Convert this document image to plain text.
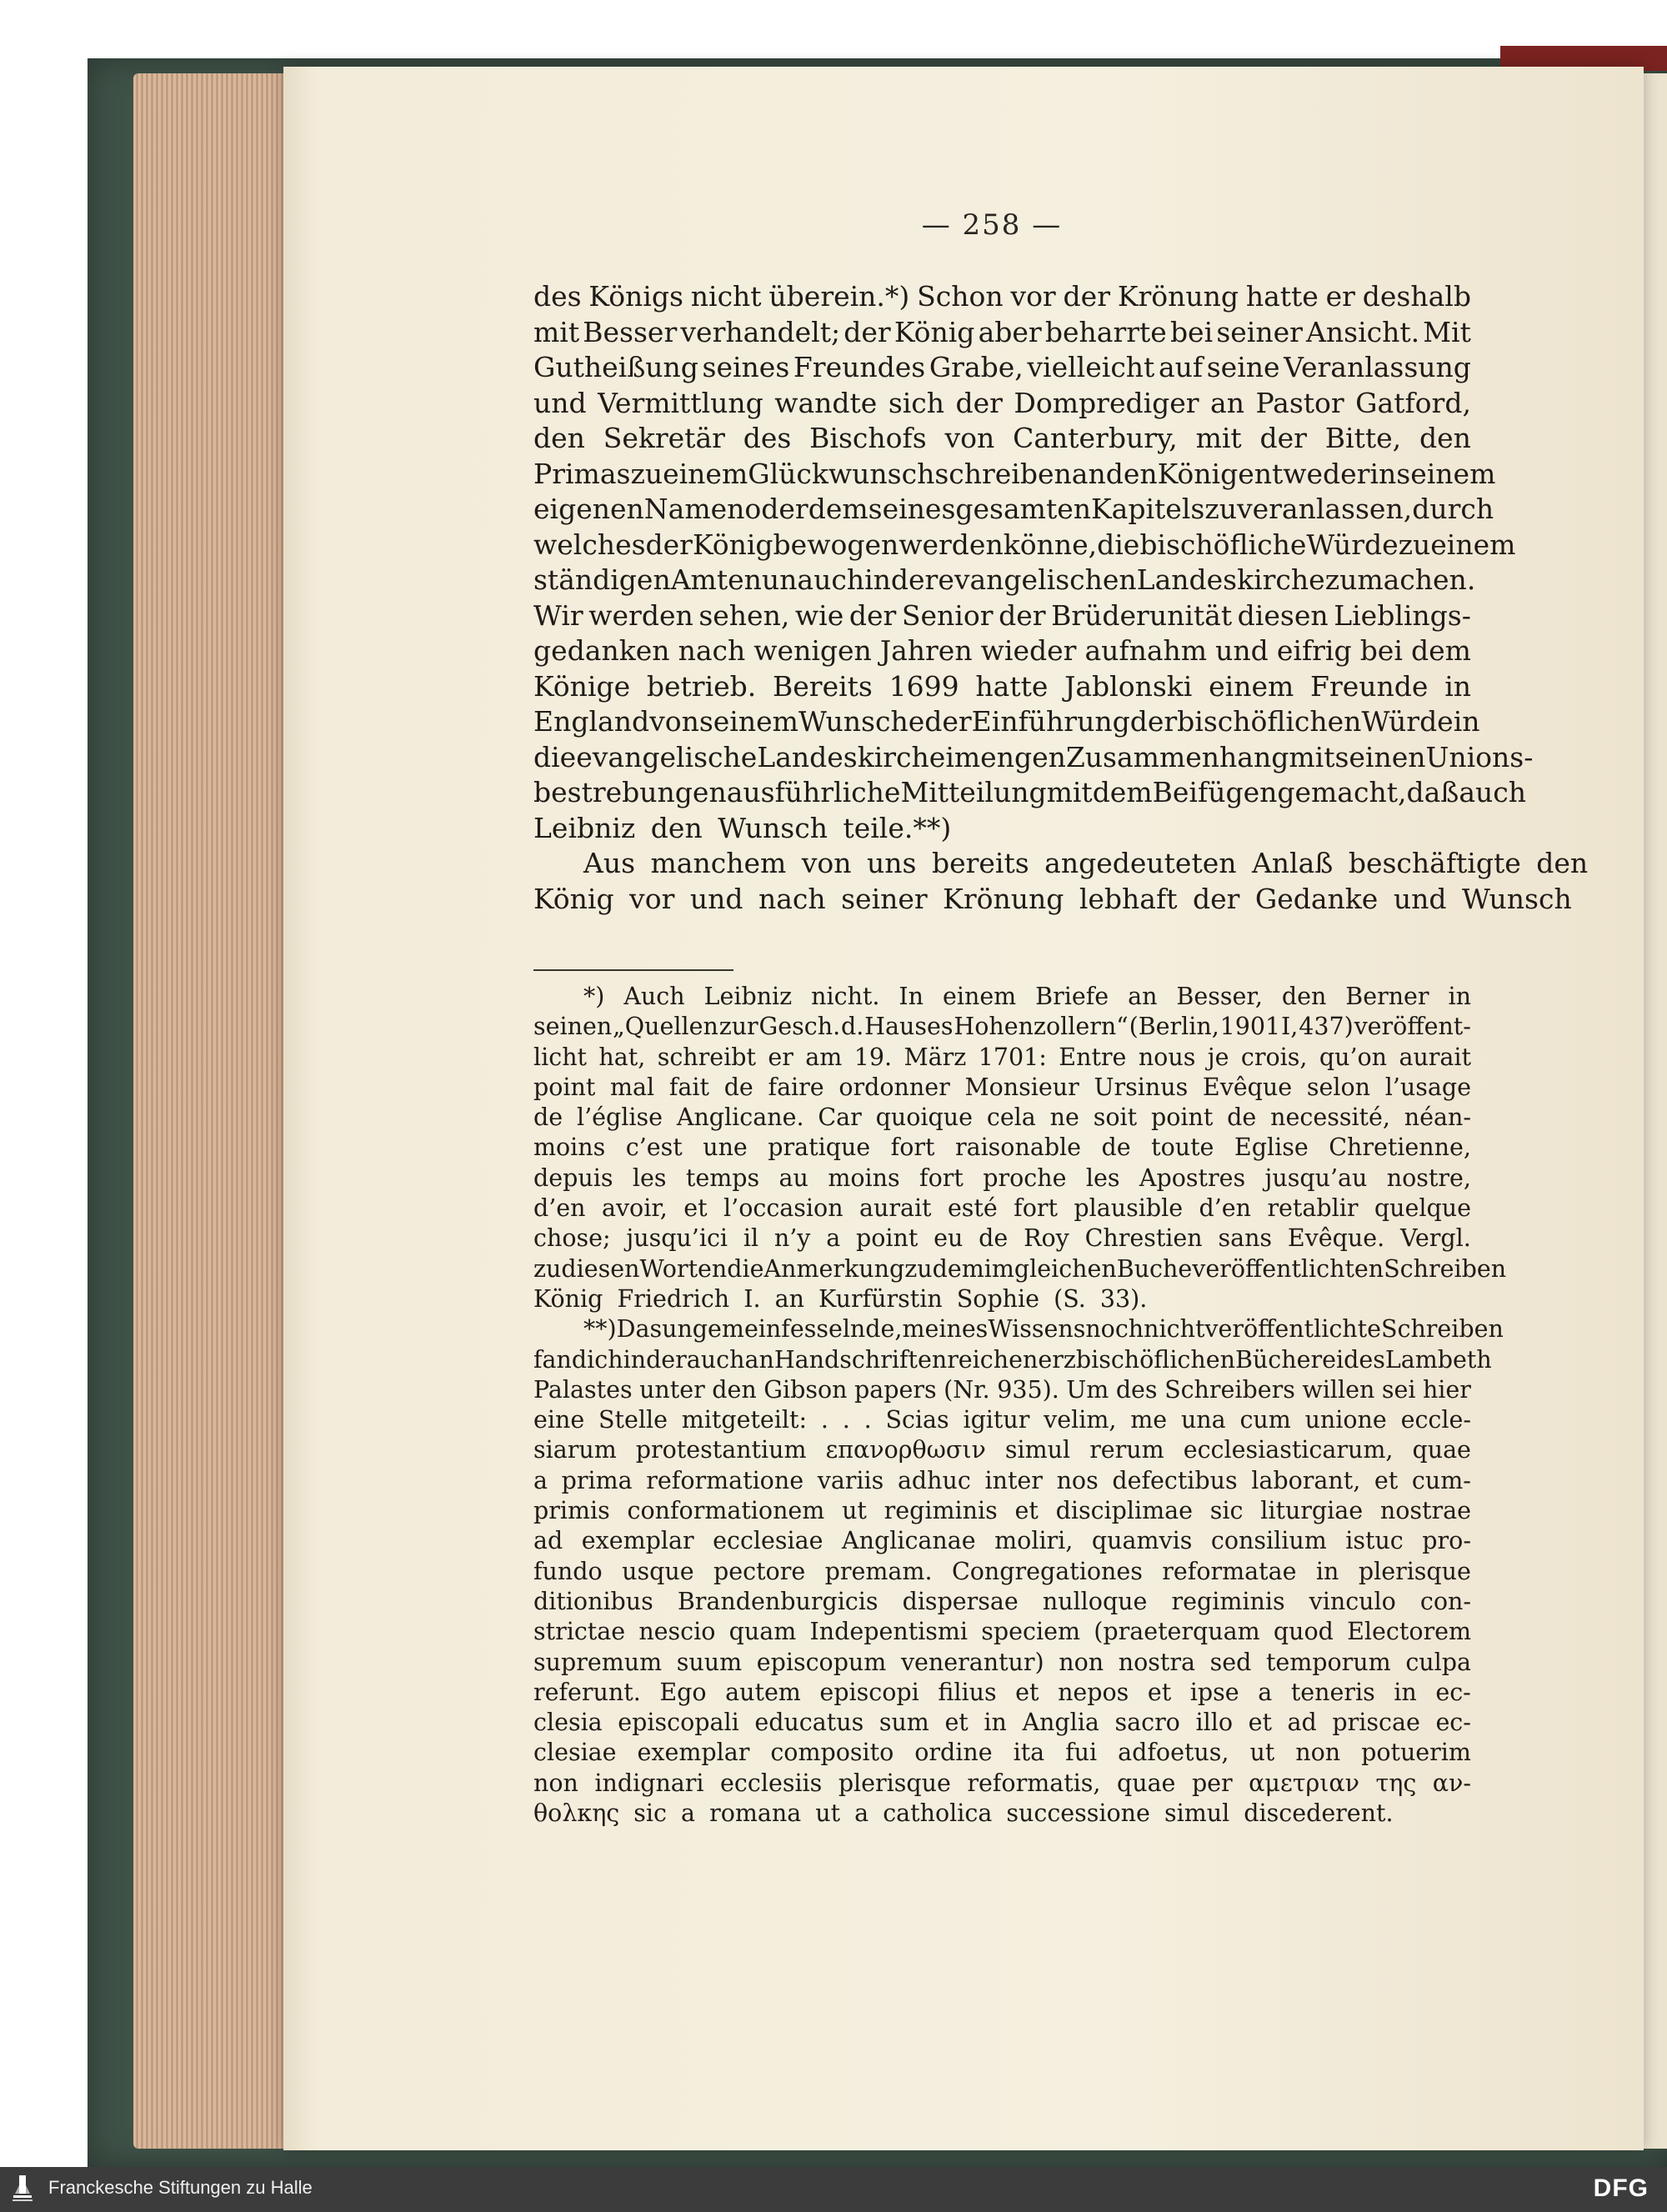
— 258 —
des Königs nicht überein.*) Schon vor der Krönung hatte er deshalb
mit Besser verhandelt; der König aber beharrte bei seiner Ansicht. Mit
Gutheißung seines Freundes Grabe, vielleicht auf seine Veranlassung
und Vermittlung wandte sich der Domprediger an Pastor Gatford,
den Sekretär des Bischofs von Canterbury, mit der Bitte, den
Primas zu einem Glückwunschschreiben an den König entweder in seinem
eigenen Namen oder dem seines gesamten Kapitels zu veranlassen, durch
welches der König bewogen werden könne, die bischöfliche Würde zu einem
ständigen Amte nun auch in der evangelischen Landeskirche zu machen.
Wir werden sehen, wie der Senior der Brüderunität diesen Lieblings-
gedanken nach wenigen Jahren wieder aufnahm und eifrig bei dem
Könige betrieb. Bereits 1699 hatte Jablonski einem Freunde in
England von seinem Wunsche der Einführung der bischöflichen Würde in
die evangelische Landeskirche im engen Zusammenhang mit seinen Unions-
bestrebungen ausführliche Mitteilung mit dem Beifügen gemacht, daß auch
Leibniz den Wunsch teile.**)
Aus manchem von uns bereits angedeuteten Anlaß beschäftigte den
König vor und nach seiner Krönung lebhaft der Gedanke und Wunsch
*) Auch Leibniz nicht. In einem Briefe an Besser, den Berner in
seinen „Quellen zur Gesch. d. Hauses Hohenzollern“ (Berlin, 1901 I, 437) veröffent-
licht hat, schreibt er am 19. März 1701: Entre nous je crois, qu’on aurait
point mal fait de faire ordonner Monsieur Ursinus Evêque selon l’usage
de l’église Anglicane. Car quoique cela ne soit point de necessité, néan-
moins c’est une pratique fort raisonable de toute Eglise Chretienne,
depuis les temps au moins fort proche les Apostres jusqu’au nostre,
d’en avoir, et l’occasion aurait esté fort plausible d’en retablir quelque
chose; jusqu’ici il n’y a point eu de Roy Chrestien sans Evêque. Vergl.
zu diesen Worten die Anmerkung zu dem im gleichen Buche veröffentlichten Schreiben
König Friedrich I. an Kurfürstin Sophie (S. 33).
**) Das ungemein fesselnde, meines Wissens noch nicht veröffentlichte Schreiben
fand ich in der auch an Handschriften reichen erzbischöflichen Bücherei des Lambeth
Palastes unter den Gibson papers (Nr. 935). Um des Schreibers willen sei hier
eine Stelle mitgeteilt: . . . Scias igitur velim, me una cum unione eccle-
siarum protestantium επανορθωσιν simul rerum ecclesiasticarum, quae
a prima reformatione variis adhuc inter nos defectibus laborant, et cum-
primis conformationem ut regiminis et disciplimae sic liturgiae nostrae
ad exemplar ecclesiae Anglicanae moliri, quamvis consilium istuc pro-
fundo usque pectore premam. Congregationes reformatae in plerisque
ditionibus Brandenburgicis dispersae nulloque regiminis vinculo con-
strictae nescio quam Indepentismi speciem (praeterquam quod Electorem
supremum suum episcopum venerantur) non nostra sed temporum culpa
referunt. Ego autem episcopi filius et nepos et ipse a teneris in ec-
clesia episcopali educatus sum et in Anglia sacro illo et ad priscae ec-
clesiae exemplar composito ordine ita fui adfoetus, ut non potuerim
non indignari ecclesiis plerisque reformatis, quae per αμετριαν της αν-
θολκης sic a romana ut a catholica successione simul discederent.
Franckesche Stiftungen zu Halle	DFG
